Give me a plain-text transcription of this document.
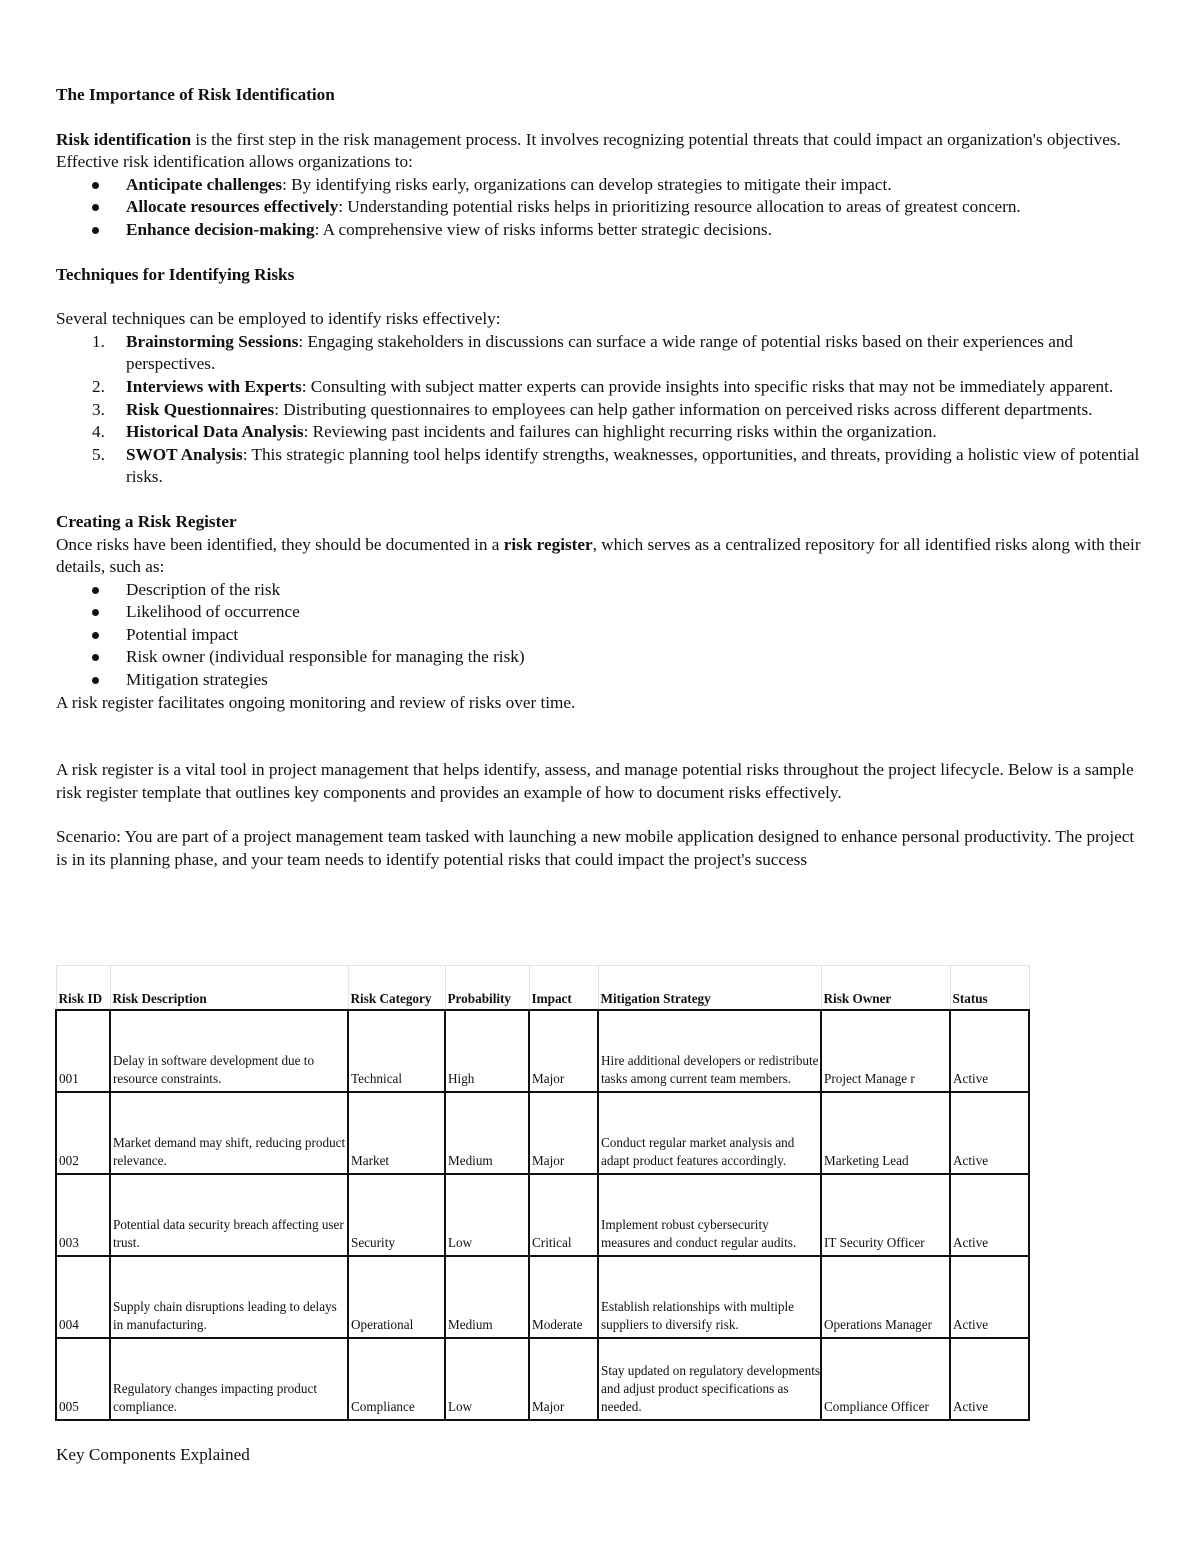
The Importance of Risk Identification

Risk identification is the first step in the risk management process. It involves recognizing potential threats that could impact an organization's objectives. Effective risk identification allows organizations to:

Anticipate challenges: By identifying risks early, organizations can develop strategies to mitigate their impact.
Allocate resources effectively: Understanding potential risks helps in prioritizing resource allocation to areas of greatest concern.
Enhance decision-making: A comprehensive view of risks informs better strategic decisions.

Techniques for Identifying Risks

Several techniques can be employed to identify risks effectively:

1. Brainstorming Sessions: Engaging stakeholders in discussions can surface a wide range of potential risks based on their experiences and perspectives.
2. Interviews with Experts: Consulting with subject matter experts can provide insights into specific risks that may not be immediately apparent.
3. Risk Questionnaires: Distributing questionnaires to employees can help gather information on perceived risks across different departments.
4. Historical Data Analysis: Reviewing past incidents and failures can highlight recurring risks within the organization.
5. SWOT Analysis: This strategic planning tool helps identify strengths, weaknesses, opportunities, and threats, providing a holistic view of potential risks.

Creating a Risk Register

Once risks have been identified, they should be documented in a risk register, which serves as a centralized repository for all identified risks along with their details, such as:

Description of the risk
Likelihood of occurrence
Potential impact
Risk owner (individual responsible for managing the risk)
Mitigation strategies

A risk register facilitates ongoing monitoring and review of risks over time.

A risk register is a vital tool in project management that helps identify, assess, and manage potential risks throughout the project lifecycle. Below is a sample risk register template that outlines key components and provides an example of how to document risks effectively.

Scenario: You are part of a project management team tasked with launching a new mobile application designed to enhance personal productivity. The project is in its planning phase, and your team needs to identify potential risks that could impact the project's success

Risk ID	Risk Description	Risk Category	Probability	Impact	Mitigation Strategy	Risk Owner	Status
001	Delay in software development due to resource constraints.	Technical	High	Major	Hire additional developers or redistribute tasks among current team members.	Project Manage r	Active
002	Market demand may shift, reducing product relevance.	Market	Medium	Major	Conduct regular market analysis and adapt product features accordingly.	Marketing Lead	Active
003	Potential data security breach affecting user trust.	Security	Low	Critical	Implement robust cybersecurity measures and conduct regular audits.	IT Security Officer	Active
004	Supply chain disruptions leading to delays in manufacturing.	Operational	Medium	Moderate	Establish relationships with multiple suppliers to diversify risk.	Operations Manager	Active
005	Regulatory changes impacting product compliance.	Compliance	Low	Major	Stay updated on regulatory developments and adjust product specifications as needed.	Compliance Officer	Active

Key Components Explained
